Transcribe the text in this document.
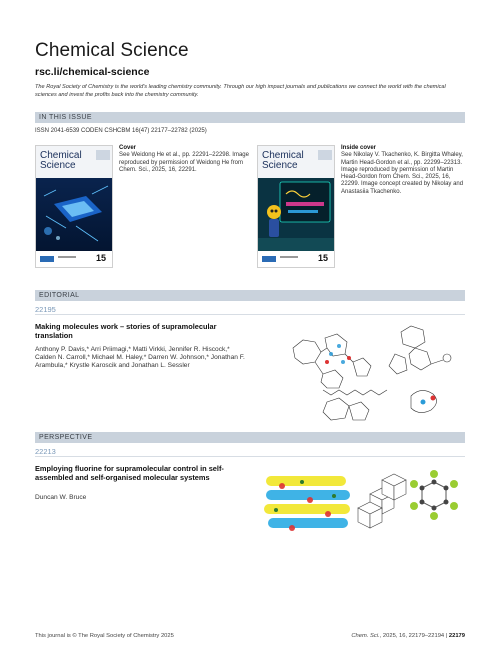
Chemical Science
rsc.li/chemical-science
The Royal Society of Chemistry is the world's leading chemistry community. Through our high impact journals and publications we connect the world with the chemical sciences and invest the profits back into the chemistry community.
IN THIS ISSUE
ISSN 2041-6539 CODEN CSHCBM 16(47) 22177–22782 (2025)
Chemical
Science
15
Cover
See Weidong He et al., pp. 22291–22298. Image reproduced by permission of Weidong He from Chem. Sci., 2025, 16, 22291.
Chemical
Science
15
Inside cover
See Nikolay V. Tkachenko, K. Birgitta Whaley, Martin Head-Gordon et al., pp. 22299–22313. Image reproduced by permission of Martin Head-Gordon from Chem. Sci., 2025, 16, 22299. Image concept created by Nikolay and Anastasiia Tkachenko.
EDITORIAL
22195
Making molecules work – stories of supramolecular translation
Anthony P. Davis,* Arri Priimagi,* Matti Virkki, Jennifer R. Hiscock,* Calden N. Carroll,* Michael M. Haley,* Darren W. Johnson,* Jonathan F. Arambula,* Krystle Karoscik and Jonathan L. Sessler
PERSPECTIVE
22213
Employing fluorine for supramolecular control in self-assembled and self-organised molecular systems
Duncan W. Bruce
This journal is © The Royal Society of Chemistry 2025	Chem. Sci., 2025, 16, 22179–22194 | 22179
